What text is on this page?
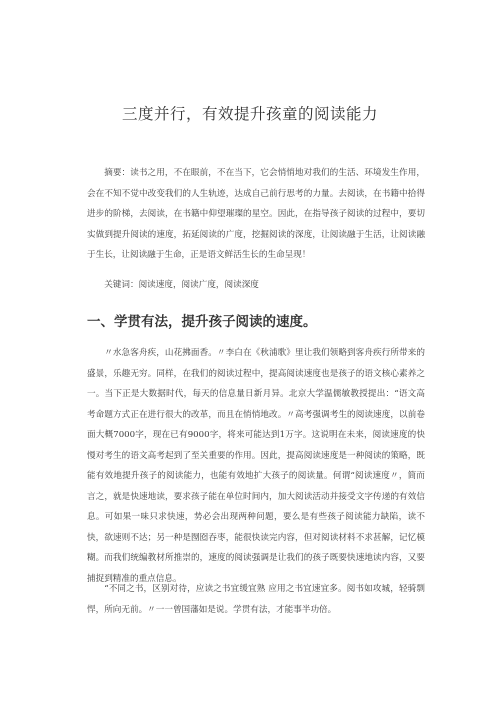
三度并行，有效提升孩童的阅读能力

摘要：读书之用，不在眼前，不在当下，它会悄悄地对我们的生活、环境发生作用，会在不知不觉中改变我们的人生轨迹，达成自己前行思考的力量。去阅读，在书籍中拾得进步的阶梯，去阅读，在书籍中仰望璀璨的星空。因此，在指导孩子阅读的过程中，要切实做到提升阅读的速度，拓延阅读的广度，挖掘阅读的深度，让阅读融于生活，让阅读融于生长，让阅读融于生命，正是语文鲜活生长的生命呈现！

关键词：阅读速度，阅读广度，阅读深度

一、学贯有法，提升孩子阅读的速度。

〃水急客舟疾，山花拂面香。〃李白在《秋浦歌》里让我们领略到客舟疾行所带来的盛景，乐趣无穷。同样，在我们的阅读过程中，提高阅读速度也是孩子的语文核心素养之一。当下正是大数据时代，每天的信息量日新月异。北京大学温儒敏教授提出：“语文高考命题方式正在进行很大的改革，而且在悄悄地改。〃高考强调考生的阅读速度，以前卷面大概7000字，现在已有9000字，将来可能达到1万字。这说明在未来，阅读速度的快慢对考生的语文高考起到了至关重要的作用。因此，提高阅读速度是一种阅读的策略，既能有效地提升孩子的阅读能力，也能有效地扩大孩子的阅读量。何谓“阅读速度〃，简而言之，就是快速地读，要求孩子能在单位时间内，加大阅读活动并接受文字传递的有效信息。可如果一味只求快速，势必会出现两种问题，要么是有些孩子阅读能力缺陷，读不快，欲速则不达；另一种是囫囵吞枣，能很快读完内容，但对阅读材料不求甚解，记忆模糊。而我们统编教材所推崇的，速度的阅读强调是让我们的孩子既要快速地读内容，又要捕捉到精准的重点信息。

“不同之书，区别对待，应读之书宜缓宜熟 应用之书宜速宜多。阅书如攻城，轻骑剽悍，所向无前。〃一一曾国藩如是说。学贯有法，才能事半功倍。
